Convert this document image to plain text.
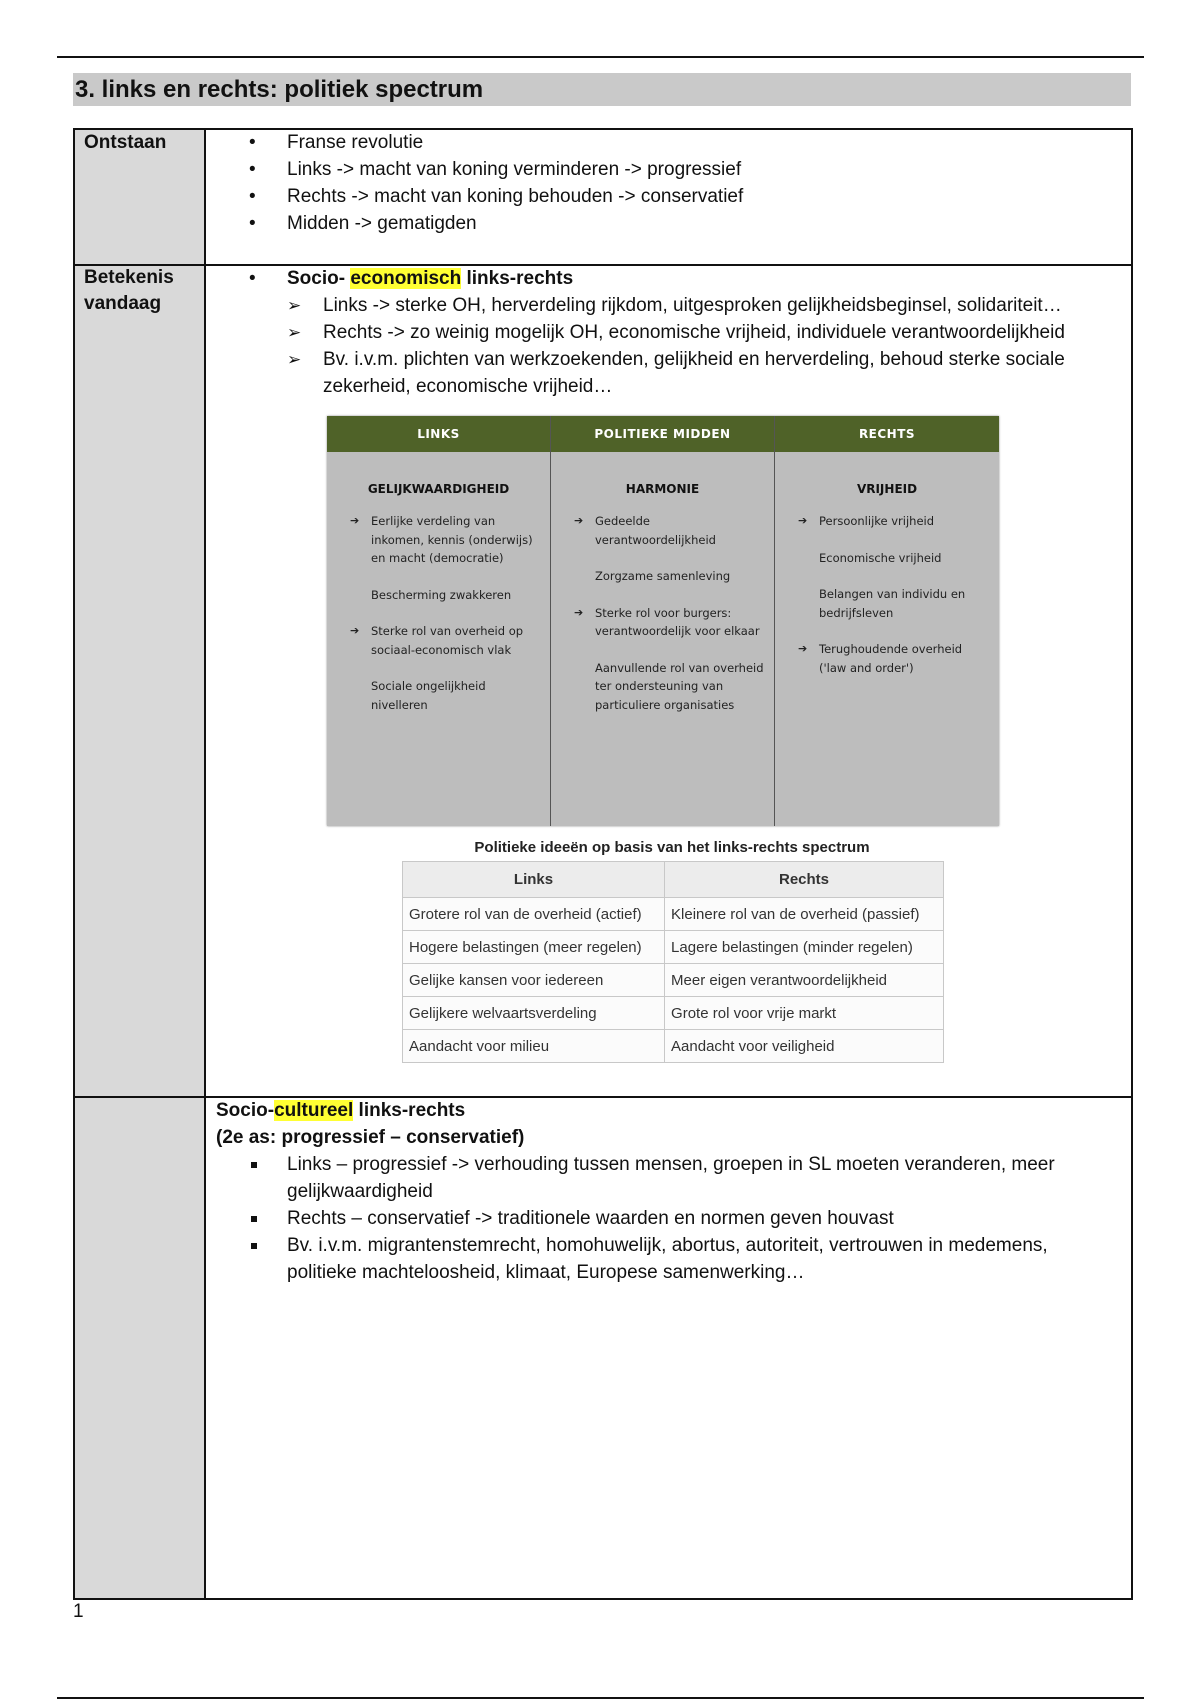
3. links en rechts: politiek spectrum
Ontstaan	• Franse revolutie
• Links -> macht van koning verminderen -> progressief
• Rechts -> macht van koning behouden -> conservatief
• Midden -> gematigden
Betekenis
vandaag
• Socio- economisch links-rechts
➢ Links -> sterke OH, herverdeling rijkdom, uitgesproken gelijkheidsbeginsel, solidariteit…
➢ Rechts -> zo weinig mogelijk OH, economische vrijheid, individuele verantwoordelijkheid
➢ Bv. i.v.m. plichten van werkzoekenden, gelijkheid en herverdeling, behoud sterke sociale zekerheid, economische vrijheid…
Socio-cultureel links-rechts
(2e as: progressief – conservatief)
Links – progressief -> verhouding tussen mensen, groepen in SL moeten veranderen, meer gelijkwaardigheid
Rechts – conservatief -> traditionele waarden en normen geven houvast
Bv. i.v.m. migrantenstemrecht, homohuwelijk, abortus, autoriteit, vertrouwen in medemens, politieke machteloosheid, klimaat, Europese samenwerking…
LINKS
GELIJKWAARDIGHEID
➔ Eerlijke verdeling van inkomen, kennis (onderwijs) en macht (democratie)
Bescherming zwakkeren
➔ Sterke rol van overheid op sociaal-economisch vlak
Sociale ongelijkheid nivelleren
POLITIEKE MIDDEN
HARMONIE
➔ Gedeelde verantwoordelijkheid
Zorgzame samenleving
➔ Sterke rol voor burgers: verantwoordelijk voor elkaar
Aanvullende rol van overheid ter ondersteuning van particuliere organisaties
RECHTS
VRIJHEID
➔ Persoonlijke vrijheid
Economische vrijheid
Belangen van individu en bedrijfsleven
➔ Terughoudende overheid ('law and order')
Politieke ideeën op basis van het links-rechts spectrum
Links	Rechts
Grotere rol van de overheid (actief)	Kleinere rol van de overheid (passief)
Hogere belastingen (meer regelen)	Lagere belastingen (minder regelen)
Gelijke kansen voor iedereen	Meer eigen verantwoordelijkheid
Gelijkere welvaartsverdeling	Grote rol voor vrije markt
Aandacht voor milieu	Aandacht voor veiligheid
1
